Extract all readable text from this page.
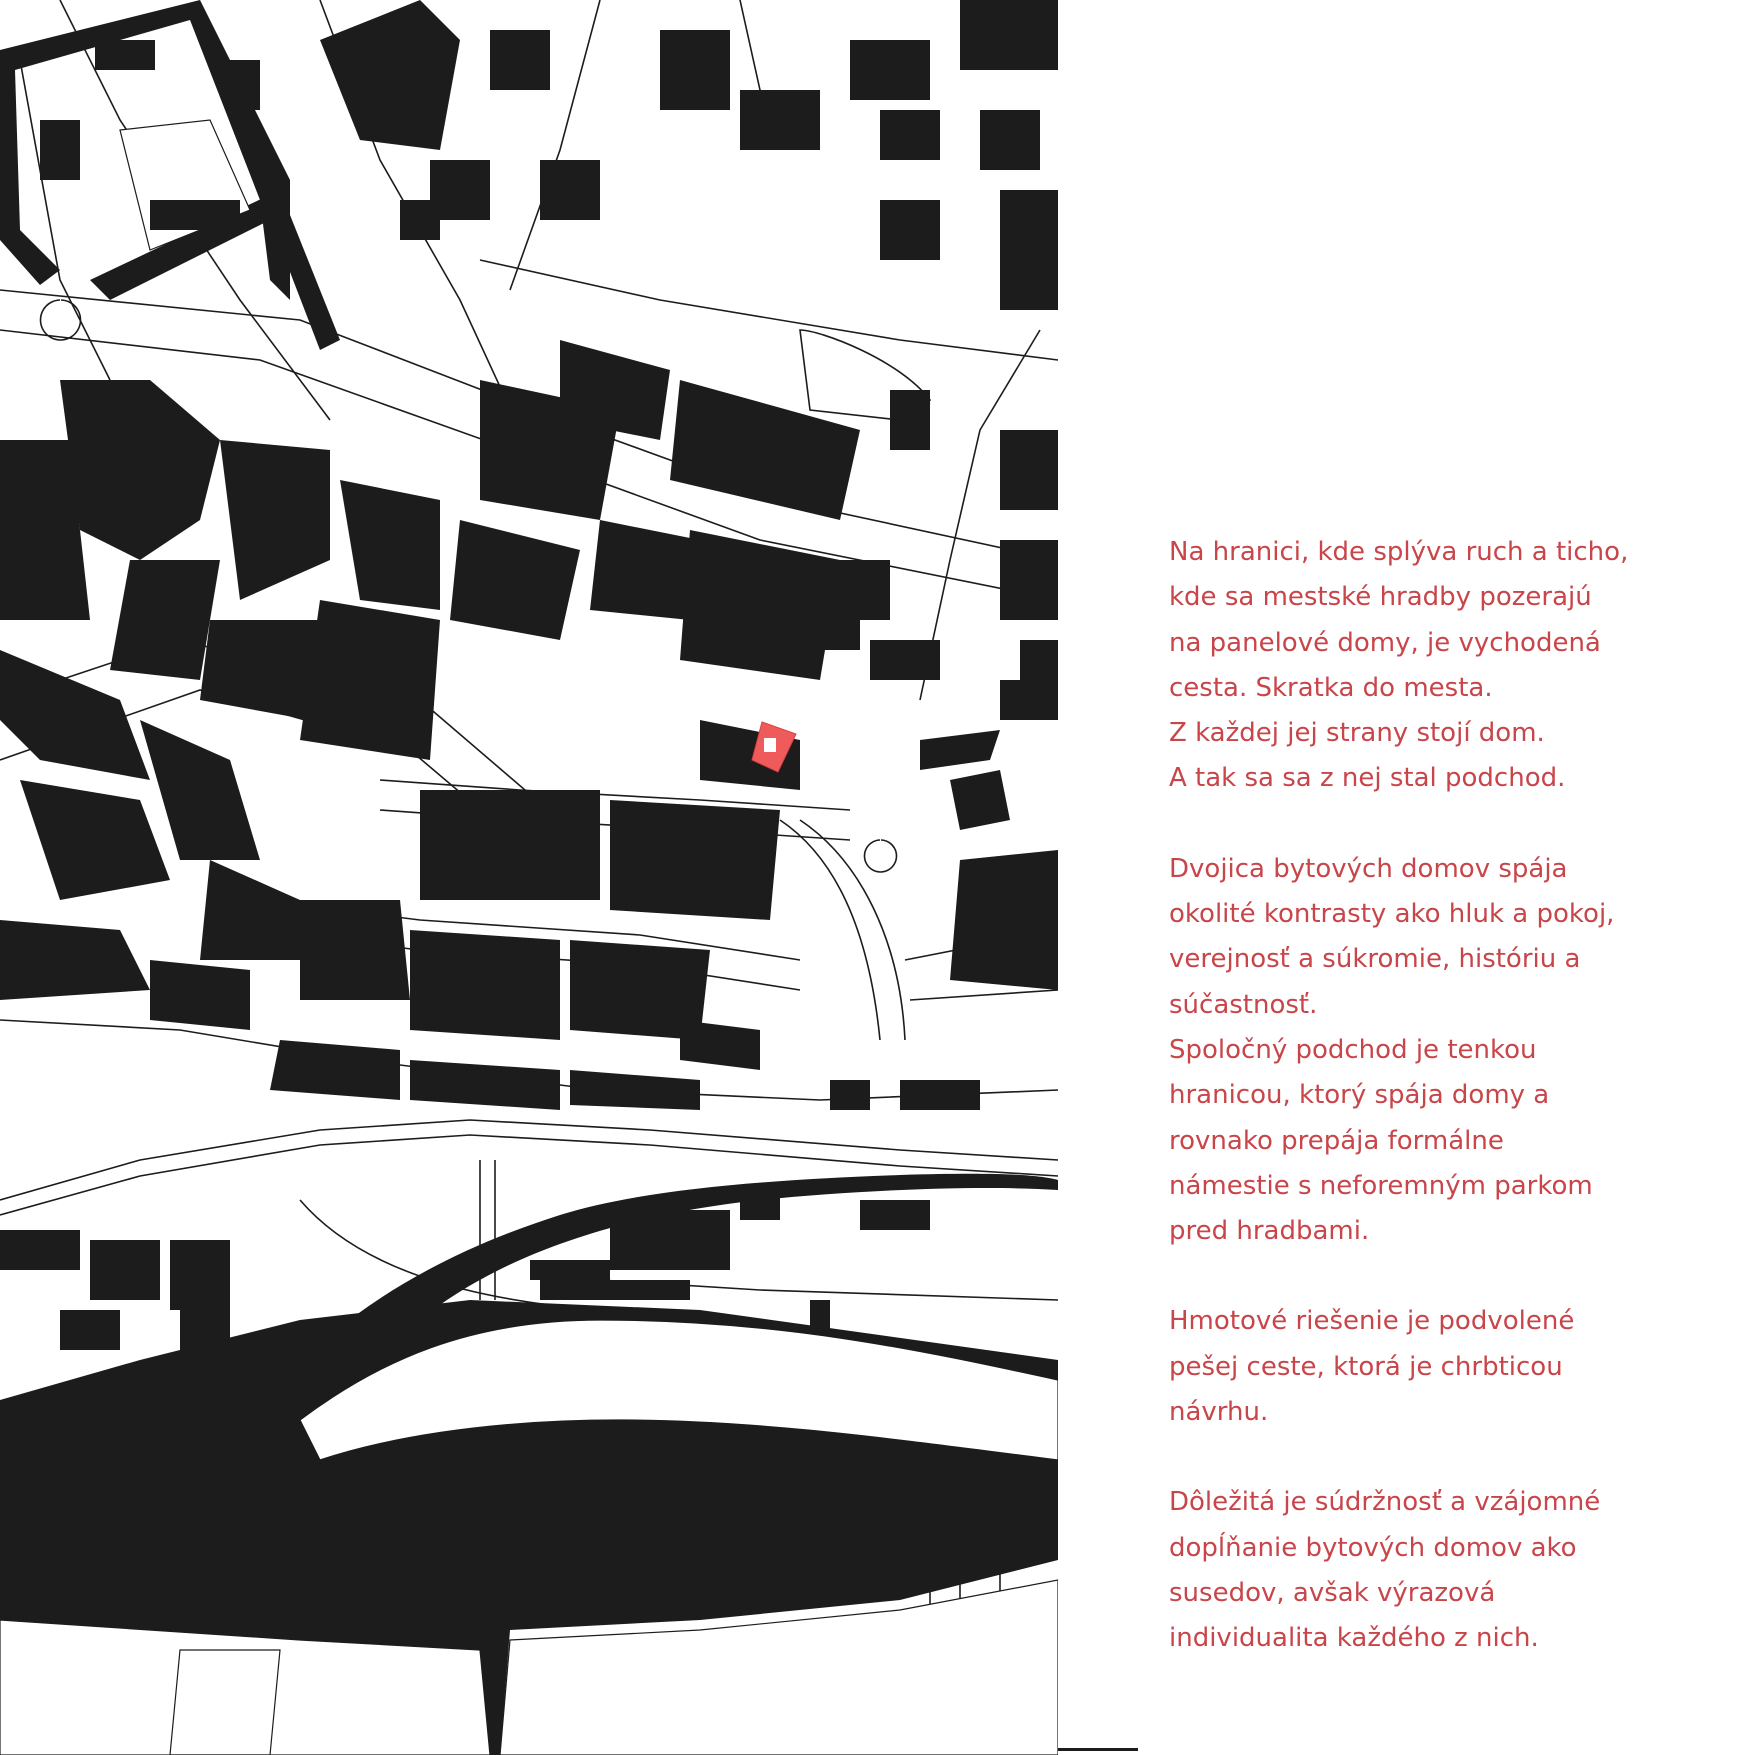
Na hranici, kde splýva ruch a ticho,
kde sa mestské hradby pozerajú
na panelové domy, je vychodená
cesta. Skratka do mesta.
Z každej jej strany stojí dom.
A tak sa sa z nej stal podchod.

Dvojica bytových domov spája
okolité kontrasty ako hluk a pokoj,
verejnosť a súkromie, históriu a
súčastnosť.
Spoločný podchod je tenkou
hranicou, ktorý spája domy a
rovnako prepája formálne
námestie s neforemným parkom
pred hradbami.

Hmotové riešenie je podvolené
pešej ceste, ktorá je chrbticou
návrhu.

Dôležitá je súdržnosť a vzájomné
dopĺňanie bytových domov ako
susedov, avšak výrazová
individualita každého z nich.
